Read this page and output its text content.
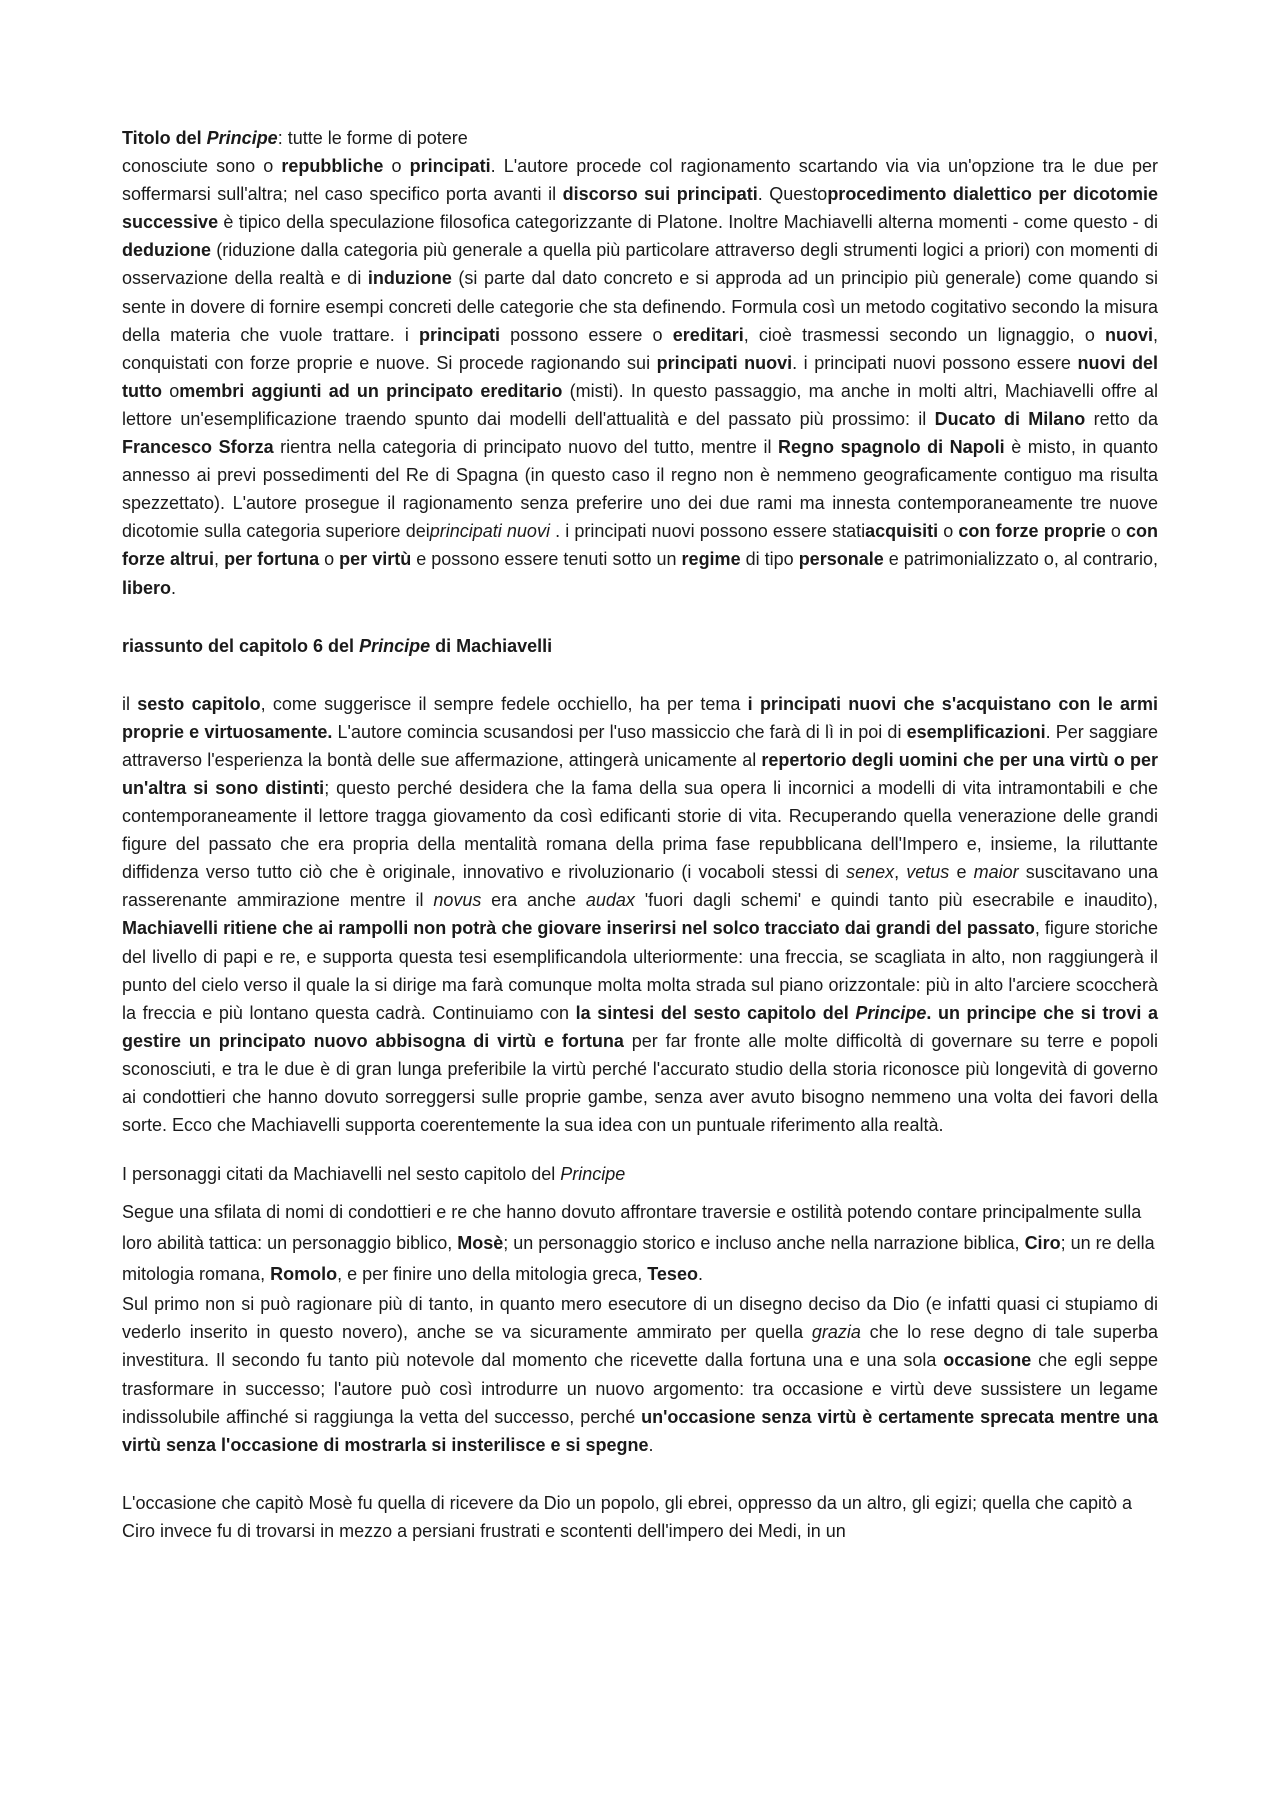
Titolo del Principe: tutte le forme di potere

conosciute sono o repubbliche o principati. L'autore procede col ragionamento scartando via via un'opzione tra le due per soffermarsi sull'altra; nel caso specifico porta avanti il discorso sui principati. Questoprocedimento dialettico per dicotomie successive è tipico della speculazione filosofica categorizzante di Platone. Inoltre Machiavelli alterna momenti - come questo - di deduzione (riduzione dalla categoria più generale a quella più particolare attraverso degli strumenti logici a priori) con momenti di osservazione della realtà e di induzione (si parte dal dato concreto e si approda ad un principio più generale) come quando si sente in dovere di fornire esempi concreti delle categorie che sta definendo. Formula così un metodo cogitativo secondo la misura della materia che vuole trattare. i principati possono essere o ereditari, cioè trasmessi secondo un lignaggio, o nuovi, conquistati con forze proprie e nuove. Si procede ragionando sui principati nuovi. i principati nuovi possono essere nuovi del tutto omembri aggiunti ad un principato ereditario (misti). In questo passaggio, ma anche in molti altri, Machiavelli offre al lettore un'esemplificazione traendo spunto dai modelli dell'attualità e del passato più prossimo: il Ducato di Milano retto da Francesco Sforza rientra nella categoria di principato nuovo del tutto, mentre il Regno spagnolo di Napoli è misto, in quanto annesso ai previ possedimenti del Re di Spagna (in questo caso il regno non è nemmeno geograficamente contiguo ma risulta spezzettato). L'autore prosegue il ragionamento senza preferire uno dei due rami ma innesta contemporaneamente tre nuove dicotomie sulla categoria superiore deiprincipati nuovi . i principati nuovi possono essere statiacquisiti o con forze proprie o con forze altrui, per fortuna o per virtù e possono essere tenuti sotto un regime di tipo personale e patrimonializzato o, al contrario, libero.

riassunto del capitolo 6 del Principe di Machiavelli

il sesto capitolo, come suggerisce il sempre fedele occhiello, ha per tema i principati nuovi che s'acquistano con le armi proprie e virtuosamente. L'autore comincia scusandosi per l'uso massiccio che farà di lì in poi di esemplificazioni. Per saggiare attraverso l'esperienza la bontà delle sue affermazione, attingerà unicamente al repertorio degli uomini che per una virtù o per un'altra si sono distinti; questo perché desidera che la fama della sua opera li incornici a modelli di vita intramontabili e che contemporaneamente il lettore tragga giovamento da così edificanti storie di vita. Recuperando quella venerazione delle grandi figure del passato che era propria della mentalità romana della prima fase repubblicana dell'Impero e, insieme, la riluttante diffidenza verso tutto ciò che è originale, innovativo e rivoluzionario (i vocaboli stessi di senex, vetus e maior suscitavano una rasserenante ammirazione mentre il novus era anche audax 'fuori dagli schemi' e quindi tanto più esecrabile e inaudito), Machiavelli ritiene che ai rampolli non potrà che giovare inserirsi nel solco tracciato dai grandi del passato, figure storiche del livello di papi e re, e supporta questa tesi esemplificandola ulteriormente: una freccia, se scagliata in alto, non raggiungerà il punto del cielo verso il quale la si dirige ma farà comunque molta molta strada sul piano orizzontale: più in alto l'arciere scoccherà la freccia e più lontano questa cadrà. Continuiamo con la sintesi del sesto capitolo del Principe. un principe che si trovi a gestire un principato nuovo abbisogna di virtù e fortuna per far fronte alle molte difficoltà di governare su terre e popoli sconosciuti, e tra le due è di gran lunga preferibile la virtù perché l'accurato studio della storia riconosce più longevità di governo ai condottieri che hanno dovuto sorreggersi sulle proprie gambe, senza aver avuto bisogno nemmeno una volta dei favori della sorte. Ecco che Machiavelli supporta coerentemente la sua idea con un puntuale riferimento alla realtà.

I personaggi citati da Machiavelli nel sesto capitolo del Principe

Segue una sfilata di nomi di condottieri e re che hanno dovuto affrontare traversie e ostilità potendo contare principalmente sulla loro abilità tattica: un personaggio biblico, Mosè; un personaggio storico e incluso anche nella narrazione biblica, Ciro; un re della mitologia romana, Romolo, e per finire uno della mitologia greca, Teseo.

Sul primo non si può ragionare più di tanto, in quanto mero esecutore di un disegno deciso da Dio (e infatti quasi ci stupiamo di vederlo inserito in questo novero), anche se va sicuramente ammirato per quella grazia che lo rese degno di tale superba investitura. Il secondo fu tanto più notevole dal momento che ricevette dalla fortuna una e una sola occasione che egli seppe trasformare in successo; l'autore può così introdurre un nuovo argomento: tra occasione e virtù deve sussistere un legame indissolubile affinché si raggiunga la vetta del successo, perché un'occasione senza virtù è certamente sprecata mentre una virtù senza l'occasione di mostrarla si insterilisce e si spegne.

L'occasione che capitò Mosè fu quella di ricevere da Dio un popolo, gli ebrei, oppresso da un altro, gli egizi; quella che capitò a Ciro invece fu di trovarsi in mezzo a persiani frustrati e scontenti dell'impero dei Medi, in un
